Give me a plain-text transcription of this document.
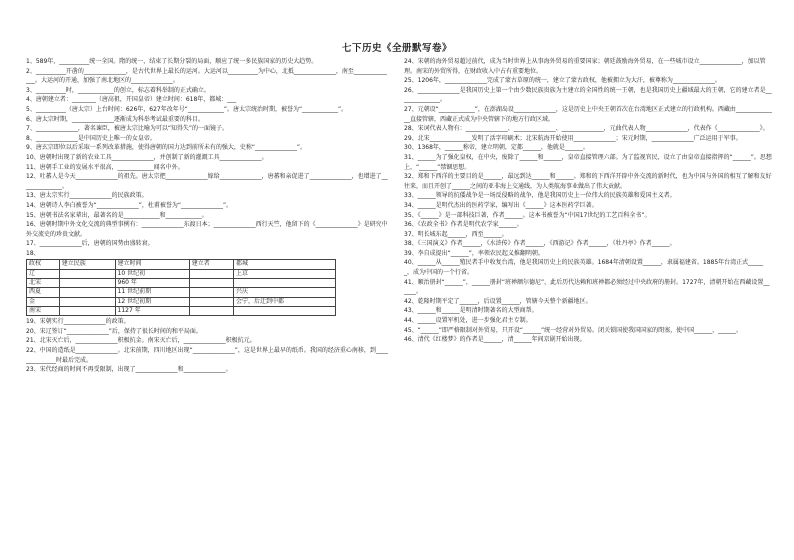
七下历史《全册默写卷》

1、589年，__________统一全国。隋的统一，结束了长期分裂的局面，顺应了统一多民族国家的历史大趋势。

2、__________开凿的______________，是古代世界上最长的运河。大运河以__________为中心，北抵______________，南至______________。大运河的开通，加强了南北地区的______________。

3、__________时，____________的创立，标志着科举制的正式确立。

4、唐朝建立者：________（唐高祖，开国皇帝）建立时间：618年，都城：___

5、__________（唐太宗）上台时间：626年，627年改年号“____________”。唐太宗统治时期，被誉为“____________”。

6、唐太宗时期，______________逐渐成为科举考试最重要的科目。

7、______________，著名谏臣，被唐太宗比喻为可以“知得失”的一面镜子。

8、______________是中国历史上唯一的女皇帝。

9、唐玄宗即位以后采取一系列改革措施，使得唐朝的国力达到前所未有的强大，史称“______________”。

10、唐朝时出现了新的农业工具______________，并创制了新的灌溉工具______________。

11、唐朝手工业的发展水平很高，____________闻名中外。

12、吐蕃人是今天______________的祖先。唐太宗把______________嫁给______________，唐蕃和亲促进了______________，也增进了______________。

13、唐太宗实行______________的民族政策。

14、唐朝诗人李白被誉为“______________”，杜甫被誉为“______________”。

15、唐朝书法名家辈出，最著名的是____________和____________。

16、唐朝时期中外文化交流的典型事例有：______________东渡日本；______________西行天竺，他留下的《______________》是研究中外交流史的珍贵文献。

17、______________后，唐朝的国势由盛转衰。

18、

政权	建立民族	建立时间	建立者	都城
辽		10 世纪初		上京
北宋		960 年		
西夏		11 世纪前期		兴庆
金		12 世纪初期		会宁，后迁到中都
南宋		1127 年		

19、宋朝实行______________的政策。

20、宋辽签订“______________”后，保持了很长时间的和平局面。

21、北宋灭亡后，______________积极抗金。南宋灭亡后，______________积极抗元。

22、中国的造纸是______________。北宋前期，四川地区出现“______________”，这是世界上最早的纸币。我国的经济重心南移，到______________时最后完成。

23、宋代经商的时间不再受限制，出现了______________和______________。

24、宋朝的海外贸易超过前代，成为当时世界上从事海外贸易的重要国家；朝廷鼓励海外贸易，在一些城市设立______________，加以管理。南宋的外贸所得，在财政收入中占有重要地位。

25、1206年，______________完成了蒙古草原的统一，建立了蒙古政权，他被拥立为大汗，被尊称为______________。

26、______________是我国历史上第一个由少数民族贵族为主建立的全国性的统一王朝，也是我国历史上疆域最大的王朝，它的建立者是______________。

27、元朝设“____________”，在澎湖岛设______________，这是历史上中央王朝首次在台湾地区正式建立的行政机构。西藏由______________直接管辖，西藏正式成为中央管辖下的地方行政区域。

28、宋词代表人物有：______________、______________、______________，元曲代表人物______________，代表作《______________》。

29、北宋______________发明了活字印刷术；北宋航海开始使用______________；宋元时期，______________广泛运用于军事。

30、1368年，______称帝，建立明朝，定都______，他就是______。

31、______为了强化皇权，在中央，废除了______和______，皇帝直接管理六部。为了监视官民，设立了由皇帝直接指挥的“______”。思想上，“______”禁锢思想。

32、郑和下西洋的主要目的是______，最远到达______和______。郑和的下西洋开辟中外交流的新时代，也为中国与外国的相互了解和友好往来，而且开创了______之间的亚非海上交通线，为人类航海事业做出了伟大贡献。

33、______领导的抗倭战争是一场反侵略的战争，他是我国历史上一位伟大的民族英雄和爱国主义者。

34、______是明代杰出的医药学家，编写出《______》这本医药学巨著。

35、《______》是一部科技巨著，作者______。这本书被誉为“中国17世纪的工艺百科全书”。

36、《农政全书》作者是明代农学家______。

37、明长城东起______，西至______。

38、《三国演义》作者______，《水浒传》作者______，《西游记》作者______，《牡丹亭》作者______。

39、李自成提出“______”，率领农民起义推翻明朝。

40、______从______殖民者手中收复台湾，他是我国历史上的民族英雄。1684年清朝设置______，隶属福建省。1885年台湾正式______，成为中国的一个行省。

41、顺治册封“______”，______册封“班禅额尔德尼”，此后历代达赖和班禅都必须经过中央政府的册封。1727年，清朝开始在西藏设置______。

42、乾隆时期平定了______，后设置______，管辖今天整个新疆地区。

43、______和______是明清时期著名的大型商帮。

44、______设置军机处，进一步强化君主专制。

45、“______”即严格限制对外贸易，只开设“______”统一经营对外贸易。闭关锁国使我国国家的閉塞，使中国______，______。

46、清代《红楼梦》的作者是______，清______年间京剧开始出现。
